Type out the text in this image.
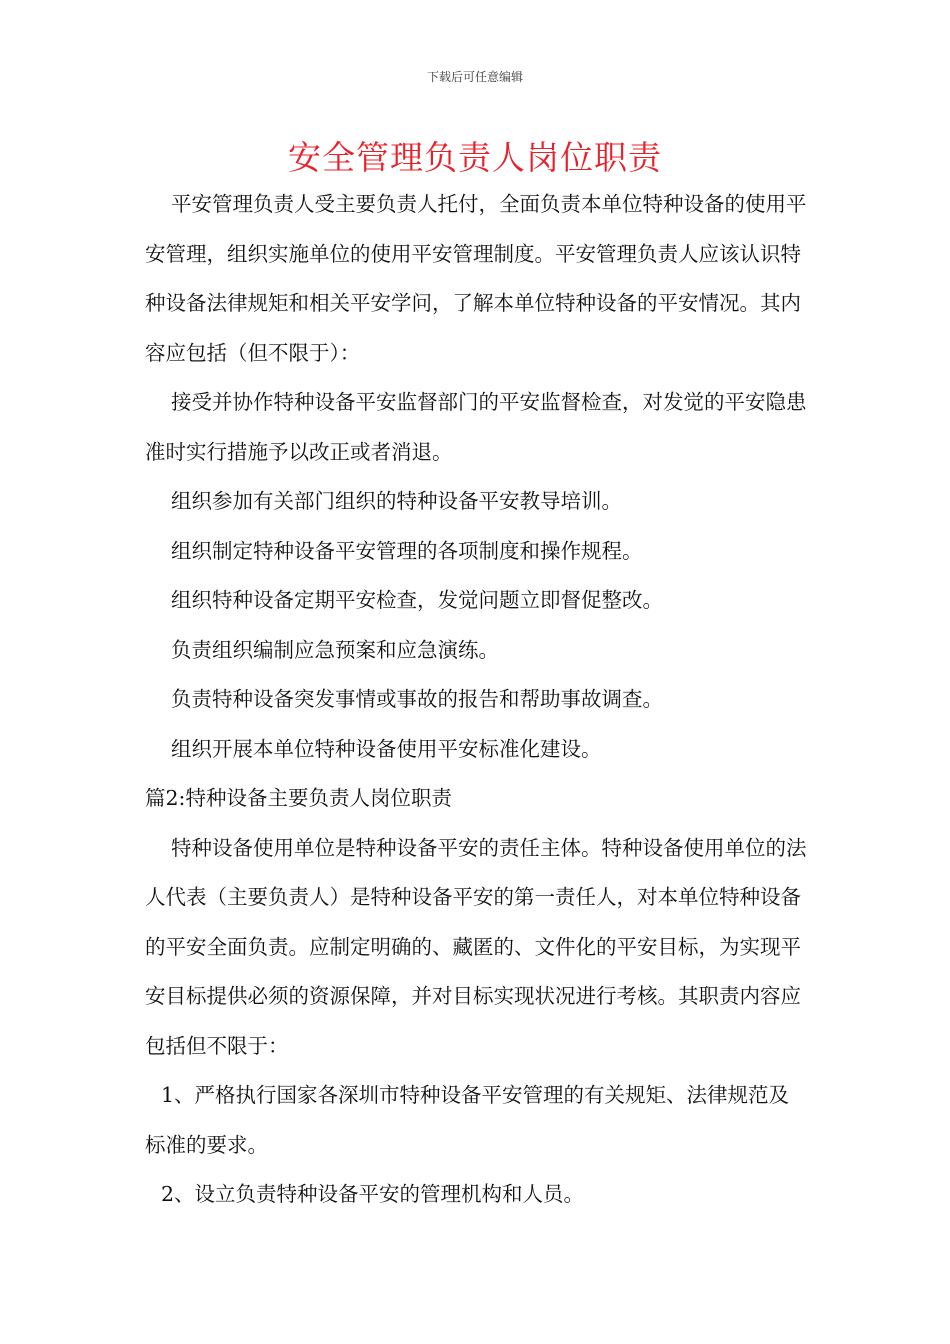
下载后可任意编辑
安全管理负责人岗位职责

平安管理负责人受主要负责人托付，全面负责本单位特种设备的使用平安管理，组织实施单位的使用平安管理制度。平安管理负责人应该认识特种设备法律规矩和相关平安学问，了解本单位特种设备的平安情况。其内容应包括（但不限于）：

接受并协作特种设备平安监督部门的平安监督检查，对发觉的平安隐患准时实行措施予以改正或者消退。

组织参加有关部门组织的特种设备平安教导培训。

组织制定特种设备平安管理的各项制度和操作规程。

组织特种设备定期平安检查，发觉问题立即督促整改。

负责组织编制应急预案和应急演练。

负责特种设备突发事情或事故的报告和帮助事故调查。

组织开展本单位特种设备使用平安标准化建设。

篇2:特种设备主要负责人岗位职责

特种设备使用单位是特种设备平安的责任主体。特种设备使用单位的法人代表（主要负责人）是特种设备平安的第一责任人，对本单位特种设备的平安全面负责。应制定明确的、藏匿的、文件化的平安目标，为实现平安目标提供必须的资源保障，并对目标实现状况进行考核。其职责内容应包括但不限于：

1、严格执行国家各深圳市特种设备平安管理的有关规矩、法律规范及标准的要求。

2、设立负责特种设备平安的管理机构和人员。
